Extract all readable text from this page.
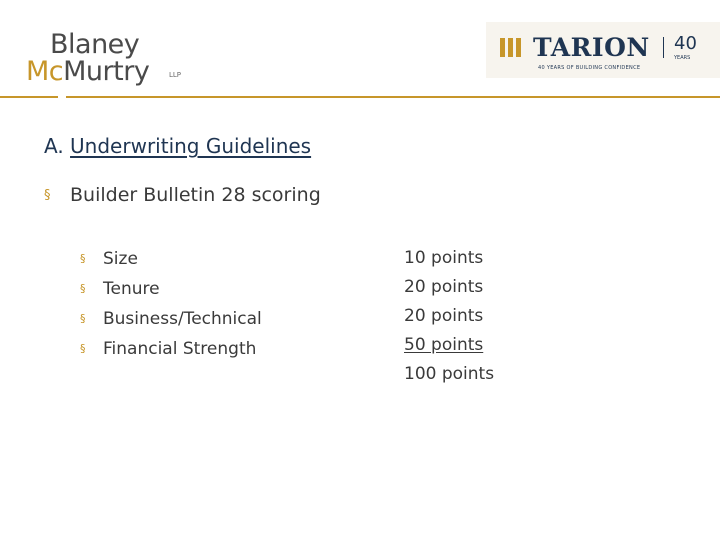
Blaney
McMurtry	LLP
TARION 40
YEARS
40 YEARS OF BUILDING CONFIDENCE
A. Underwriting Guidelines
§ Builder Bulletin 28 scoring
§ Size
§ Tenure
§ Business/Technical
§ Financial Strength
10 points
20 points
20 points
50 points
100 points
